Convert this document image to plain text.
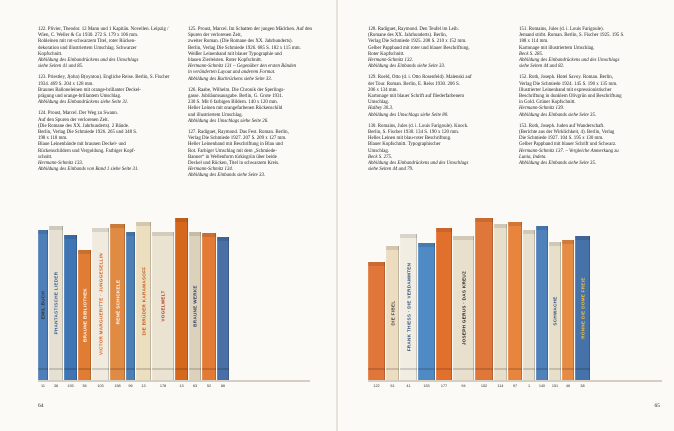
122. Plivier, Theodor. 12 Mann und 1 Kapitän. Novellen. Leipzig / Wien, C. Weller & Co 1930. 272 S. 179 x 106 mm.

Rohleinen mit rot-schwarzem Titel, roter Rücken-

dekoration und illustriertem Umschlag. Schwarzer

Kopfschnitt.

Abbildung des Einbandrückens und des Umschlags

siehe Seiten 41 und 85.

123. Priestley, J(ohn) B(oynton). Engliche Reise. Berlin, S. Fischer 1934. 469 S. 204 x 128 mm.

Braunes Balloneleinen mit orange-brillanter Deckel-

prägung und orange-brillantem Umschlag.

Abbildung des Einbandrückens siehe Seite 31.

124. Proust, Marcel. Der Weg zu Swann.

Auf den Spuren der verlorenen Zeit.

(Die Romane des XX. Jahrhunderts). 2 Bände.

Berlin, Verlag Die Schmiede 1926. 265 und 348 S.

198 x 118 mm.

Blaue Leinenbände mit braunen Deckel- und

Rückenschildern und Vergoldung. Farbiger Kopf-

schnitt.

Hermann-Schmitz 133.

Abbildung des Einbands von Band 1 siehe Seite 31.

125. Proust, Marcel. Im Schatten der jungen Mädchen. Auf den Spuren der verlorenen Zeit,

zweiter Roman. (Die Romane des XX. Jahrhunderts).

Berlin, Verlag Die Schmiede 1926. 685 S. 182 x 115 mm.

Weißer Leinenband mit blauer Typographie und

blauen Zierleisten. Roter Kopfschnitt.

Hermann-Schmitz 131 – Gegenüber den ersten Bänden

in veränderten Layout und anderem Format.

Abbildung des Buchrückens siehe Seite 33.

126. Raabe, Wilhelm. Die Chronik der Sperlings-

gasse. Jubiläumsausgabe. Berlin, G. Grote 1931.

230 S. Mit 6 farbigen Bildern. 140 x 120 mm.

Heller Leinen mit orangefarbenen Rückenschild

und illustriertem Umschlag.

Abbildung des Umschlags siehe Seite 26.

127. Radiguet, Raymond. Das Fest. Roman. Berlin,

Verlag Die Schmiede 1927. 207 S. 209 x 127 mm.

Heller Leinenband mit Beschriftung in Blau und

Rot. Farbiger Umschlag mit dem „Schmiede-

Banner“ in Wellenform türkisgrün über beide

Deckel und Rücken, Titel in schwarzem Kreis.

Hermann-Schmitz 134.

Abbildung des Einbands siehe Seite 33.

EMIL BUCH PHANTASTISCHE LIEDER	BRAUNE BIBLIOTHEK VICTOR MARGUERITTE · JUNGGESELLIN	RENÉ SCHICKELE	DIE BRÜDER KARAMASOFF	VOGELWELT	BRAUNE WERKE
11 38 193 36	103	158 96 13	178	13 63	52	86
64

128. Radiguet, Raymond. Den Teufel im Leib.

(Romane des XX. Jahrhunderts). Berlin,

Verlag Die Schmiede 1925. 208 S. 210 x 152 mm.

Gelber Pappband mit roter und blauer Beschriftung.

Roter Kopfschnitt.

Hermann-Schmitz 132.

Abbildung des Einbands siehe Seite 33.

129. Roeld, Otto (d. i. Otto Rosenfeld). Malenski auf

der Tour. Roman. Berlin, E. Reiss 1930. 206 S.

206 x 134 mm.

Kartonage mit blauer Schrift auf fliederfarbenem

Umschlag.

Halbey 30.3.

Abbildung des Umschlags siehe Seite 80.

130. Romains, Jules (d. i. Louis Farigoule). Knock.

Berlin, S. Fischer 1930. 134 S. 190 x 120 mm.

Helles Leinen mit blau-roter Beschriftung.

Blauer Kopfschnitt. Typographischer

Umschlag.

Beck S. 275.

Abbildung des Einbandrückens und des Umschlags

siehe Seiten 44 und 79.

151. Romains, Jules (d. i. Louis Farigoule).

Jemand stirbt. Roman. Berlin, S. Fischer 1925. 195 S.

188 x 114 mm.

Kartonage mit illustriertem Umschlag.

Beck S. 285.

Abbildung des Einbandrückens und des Umschlags

siehe Seiten 44 und 82.

152. Roth, Joseph. Hotel Savoy. Roman. Berlin,

Verlag Die Schmiede 1924. 145 S. 190 x 135 mm.

Illustrierter Leinenband mit expressionistischer

Beschriftung in dunklem Olivgrün und Beschriftung

in Gold. Grüner Kopfschnitt.

Hermann-Schmitz 139.

Abbildung des Einbands siehe Seite 35.

153. Roth, Joseph. Juden auf Wanderschaft.

(Berichte aus der Wirklichkeit, 4). Berlin, Verlag

Die Schmiede 1927. 104 S. 195 x 130 mm.

Gelber Pappband mit blauer Schrift und Schwarz.

Hermann-Schmitz 137. – Vergleiche Anmerkung zu

Lunia, Indeta.

Abbildung des Einbands siehe Seite 35.

DIE FIBEL FRANK THIESS · DIE VERDAMMTEN	JOSEPH GERUS · DAS KREUZ	SCHWACHE	RÖNNE DIE DOME FREIE
122	51	41	153	177	94	152	114 97	1 140 151 46	38
65
